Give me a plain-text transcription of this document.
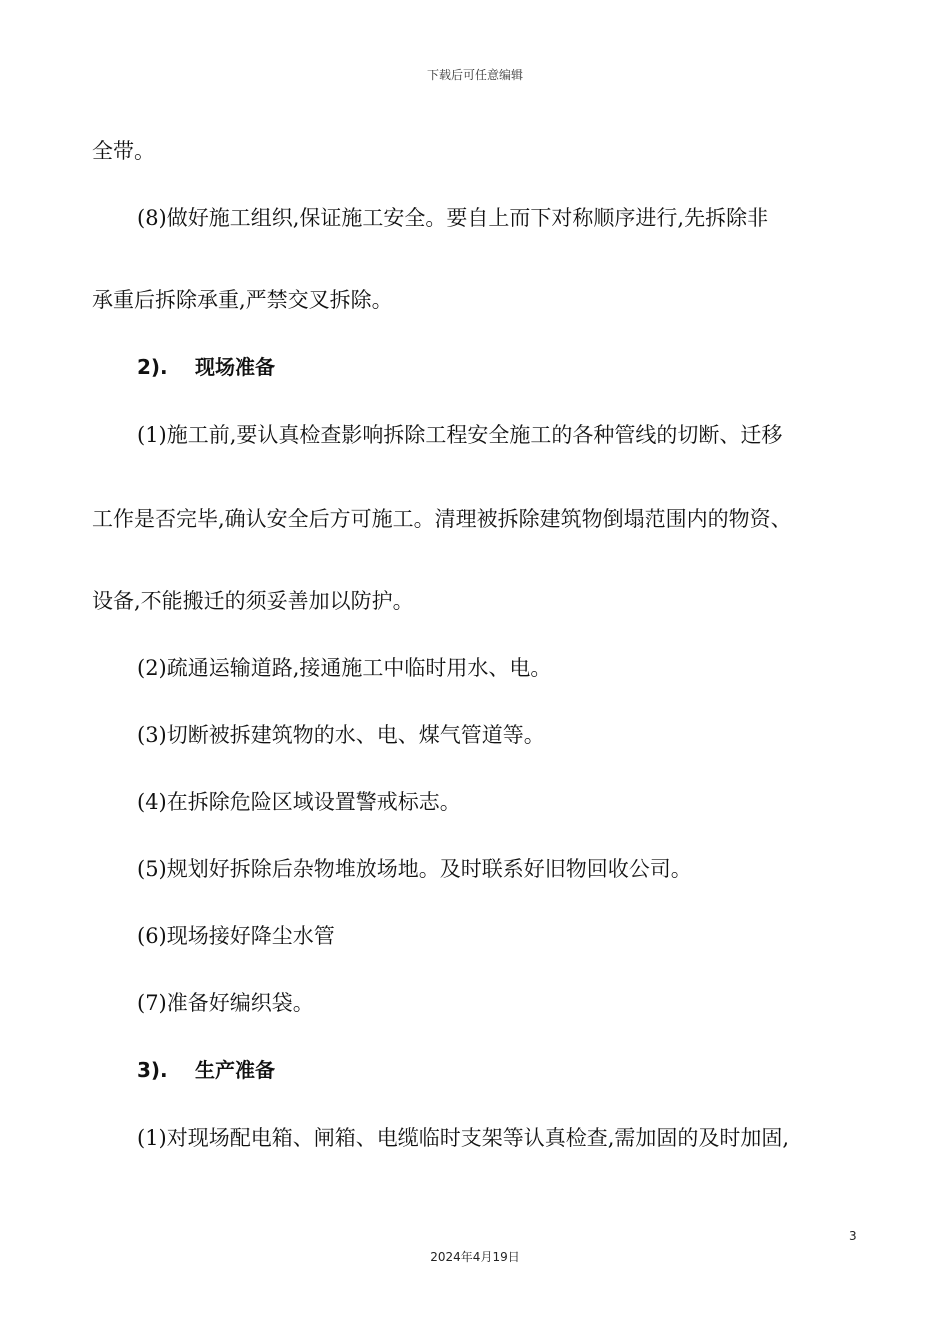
下载后可任意编辑
全带。
(8)做好施工组织,保证施工安全。要自上而下对称顺序进行,先拆除非
承重后拆除承重,严禁交叉拆除。
2). 现场准备
(1)施工前,要认真检查影响拆除工程安全施工的各种管线的切断、迁移
工作是否完毕,确认安全后方可施工。清理被拆除建筑物倒塌范围内的物资、
设备,不能搬迁的须妥善加以防护。
(2)疏通运输道路,接通施工中临时用水、电。
(3)切断被拆建筑物的水、电、煤气管道等。
(4)在拆除危险区域设置警戒标志。
(5)规划好拆除后杂物堆放场地。及时联系好旧物回收公司。
(6)现场接好降尘水管
(7)准备好编织袋。
3). 生产准备
(1)对现场配电箱、闸箱、电缆临时支架等认真检查,需加固的及时加固,
3
2024年4月19日
